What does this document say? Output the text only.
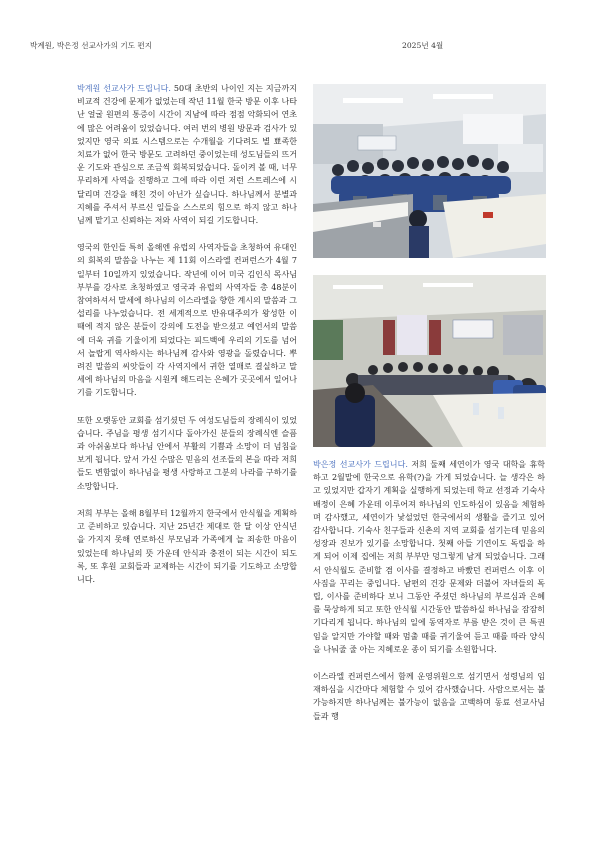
박계원, 박은정 선교사가의 기도 편지	2025년 4월

박계원 선교사가 드립니다. 50대 초반의 나이인 지는 지금까지 비교적 건강에 문제가 없었는데 작년 11월 한국 방문 이후 나타난 얼굴 원편의 통증이 시간이 지남에 따라 점점 악화되어 연초에 많은 어려움이 있었습니다. 여러 번의 병원 방문과 검사가 있었지만 영국 의료 시스템으로는 수개월을 기다려도 별 뾰족한 치료가 없어 한국 방문도 고려하던 중이었는데 성도님들의 뜨거운 기도와 관심으로 조금씩 회복되었습니다. 돌이켜 볼 때, 너무 무리하게 사역을 진행하고 그에 따라 이런 저런 스트레스에 시달리며 건강을 해친 것이 아닌가 싶습니다. 하나님께서 분별과 지혜를 주셔서 부르신 일들을 스스로의 힘으로 하지 않고 하나님께 맡기고 신뢰하는 저와 사역이 되길 기도합니다.

영국의 한인들 특히 올해엔 유럽의 사역자들을 초청하여 유대인의 회복의 말씀을 나누는 제 11회 이스라엘 컨퍼런스가 4월 7일부터 10일까지 있었습니다. 작년에 이어 미국 김인식 목사님 부부를 강사로 초청하였고 영국과 유럽의 사역자들 총 48분이 참여하셔서 말세에 하나님의 이스라엘을 향한 계시의 말씀과 그 섭리를 나누었습니다. 전 세계적으로 반유대주의가 왕성한 이 때에 적지 않은 분들이 강의에 도전을 받으셨고 예언서의 말씀에 더욱 귀를 기울이게 되었다는 피드백에 우리의 기도를 넘어서 놀랍게 역사하시는 하나님께 감사와 영광을 돌렸습니다. 뿌려진 말씀의 씨앗들이 각 사역지에서 귀한 열매로 결실하고 말세에 하나님의 마음을 시원케 해드리는 은혜가 곳곳에서 일어나기를 기도합니다.

또한 오랫동안 교회를 섬기셨던 두 여성도님들의 장례식이 있었습니다. 주님을 평생 섬기시다 돌아가신 분들의 장례식엔 슬픔과 아쉬움보다 하나님 안에서 부활의 기쁨과 소망이 더 넘침을 보게 됩니다. 앞서 가신 수많은 믿음의 선조들의 본을 따라 저희들도 변함없이 하나님을 평생 사랑하고 그분의 나라를 구하기를 소망합니다.

저희 부부는 올해 8월부터 12월까지 한국에서 안식월을 계획하고 준비하고 있습니다. 지난 25년간 제대로 한 달 이상 안식년을 가지지 못해 연로하신 부모님과 가족에게 늘 죄송한 마음이 있었는데 하나님의 뜻 가운데 안식과 충전이 되는 시간이 되도록, 또 후원 교회들과 교제하는 시간이 되기를 기도하고 소망합니다.

박은정 선교사가 드립니다. 저희 둘째 세연이가 영국 대학을 휴학하고 2월말에 한국으로 유학(?)을 가게 되었습니다. 늘 생각은 하고 있었지만 갑자기 계획을 실행하게 되었는데 학교 선정과 기숙사 배정이 은혜 가운데 이루어져 하나님의 인도하심이 있음을 체험하며 감사했고, 세연이가 낯설었던 한국에서의 생활을 즐기고 있어 감사합니다. 기숙사 친구들과 신촌의 지역 교회를 섬기는데 믿음의 성장과 진보가 있기를 소망합니다. 첫째 아들 기연이도 독립을 하게 되어 이제 집에는 저희 부부만 덩그렇게 남게 되었습니다. 그래서 안식월도 준비할 겸 이사를 결정하고 바빴던 컨퍼런스 이후 이사짐을 꾸리는 중입니다. 남편의 건강 문제와 더불어 자녀들의 독립, 이사를 준비하다 보니 그동안 주셨던 하나님의 부르심과 은혜를 묵상하게 되고 또한 안식월 시간동안 말씀하실 하나님을 잠잠히 기다리게 됩니다. 하나님의 일에 동역자로 부름 받은 것이 큰 특권임을 알지만 가야할 때와 멈출 때를 귀기울여 듣고 때를 따라 양식을 나눠줄 줄 아는 지혜로운 종이 되기를 소원합니다.

이스라엘 컨퍼런스에서 함께 운영위원으로 섬기면서 성령님의 임재하심을 시간마다 체험할 수 있어 감사했습니다. 사람으로서는 불가능하지만 하나님께는 불가능이 없음을 고백하며 동료 선교사님들과 행
